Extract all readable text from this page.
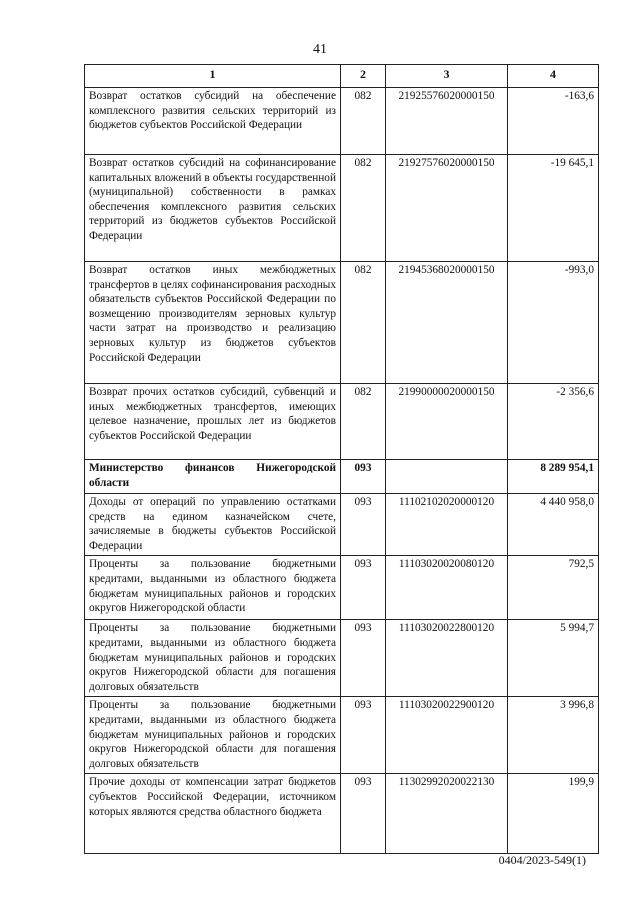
41
1	2	3	4
Возврат остатков субсидий на обеспечение комплексного развития сельских территорий из бюджетов субъектов Российской Федерации	082	21925576020000150	-163,6
Возврат остатков субсидий на софинансирование капитальных вложений в объекты государственной (муниципальной) собственности в рамках обеспечения комплексного развития сельских территорий из бюджетов субъектов Российской Федерации	082	21927576020000150	-19 645,1
Возврат остатков иных межбюджетных трансфертов в целях софинансирования расходных обязательств субъектов Российской Федерации по возмещению производителям зерновых культур части затрат на производство и реализацию зерновых культур из бюджетов субъектов Российской Федерации	082	21945368020000150	-993,0
Возврат прочих остатков субсидий, субвенций и иных межбюджетных трансфертов, имеющих целевое назначение, прошлых лет из бюджетов субъектов Российской Федерации	082	21990000020000150	-2 356,6
Министерство финансов Нижегородской области	093		8 289 954,1
Доходы от операций по управлению остатками средств на едином казначейском счете, зачисляемые в бюджеты субъектов Российской Федерации	093	11102102020000120	4 440 958,0
Проценты за пользование бюджетными кредитами, выданными из областного бюджета бюджетам муниципальных районов и городских округов Нижегородской области	093	11103020020080120	792,5
Проценты за пользование бюджетными кредитами, выданными из областного бюджета бюджетам муниципальных районов и городских округов Нижегородской области для погашения долговых обязательств	093	11103020022800120	5 994,7
Проценты за пользование бюджетными кредитами, выданными из областного бюджета бюджетам муниципальных районов и городских округов Нижегородской области для погашения долговых обязательств	093	11103020022900120	3 996,8
Прочие доходы от компенсации затрат бюджетов субъектов Российской Федерации, источником которых являются средства областного бюджета	093	11302992020022130	199,9
0404/2023-549(1)
